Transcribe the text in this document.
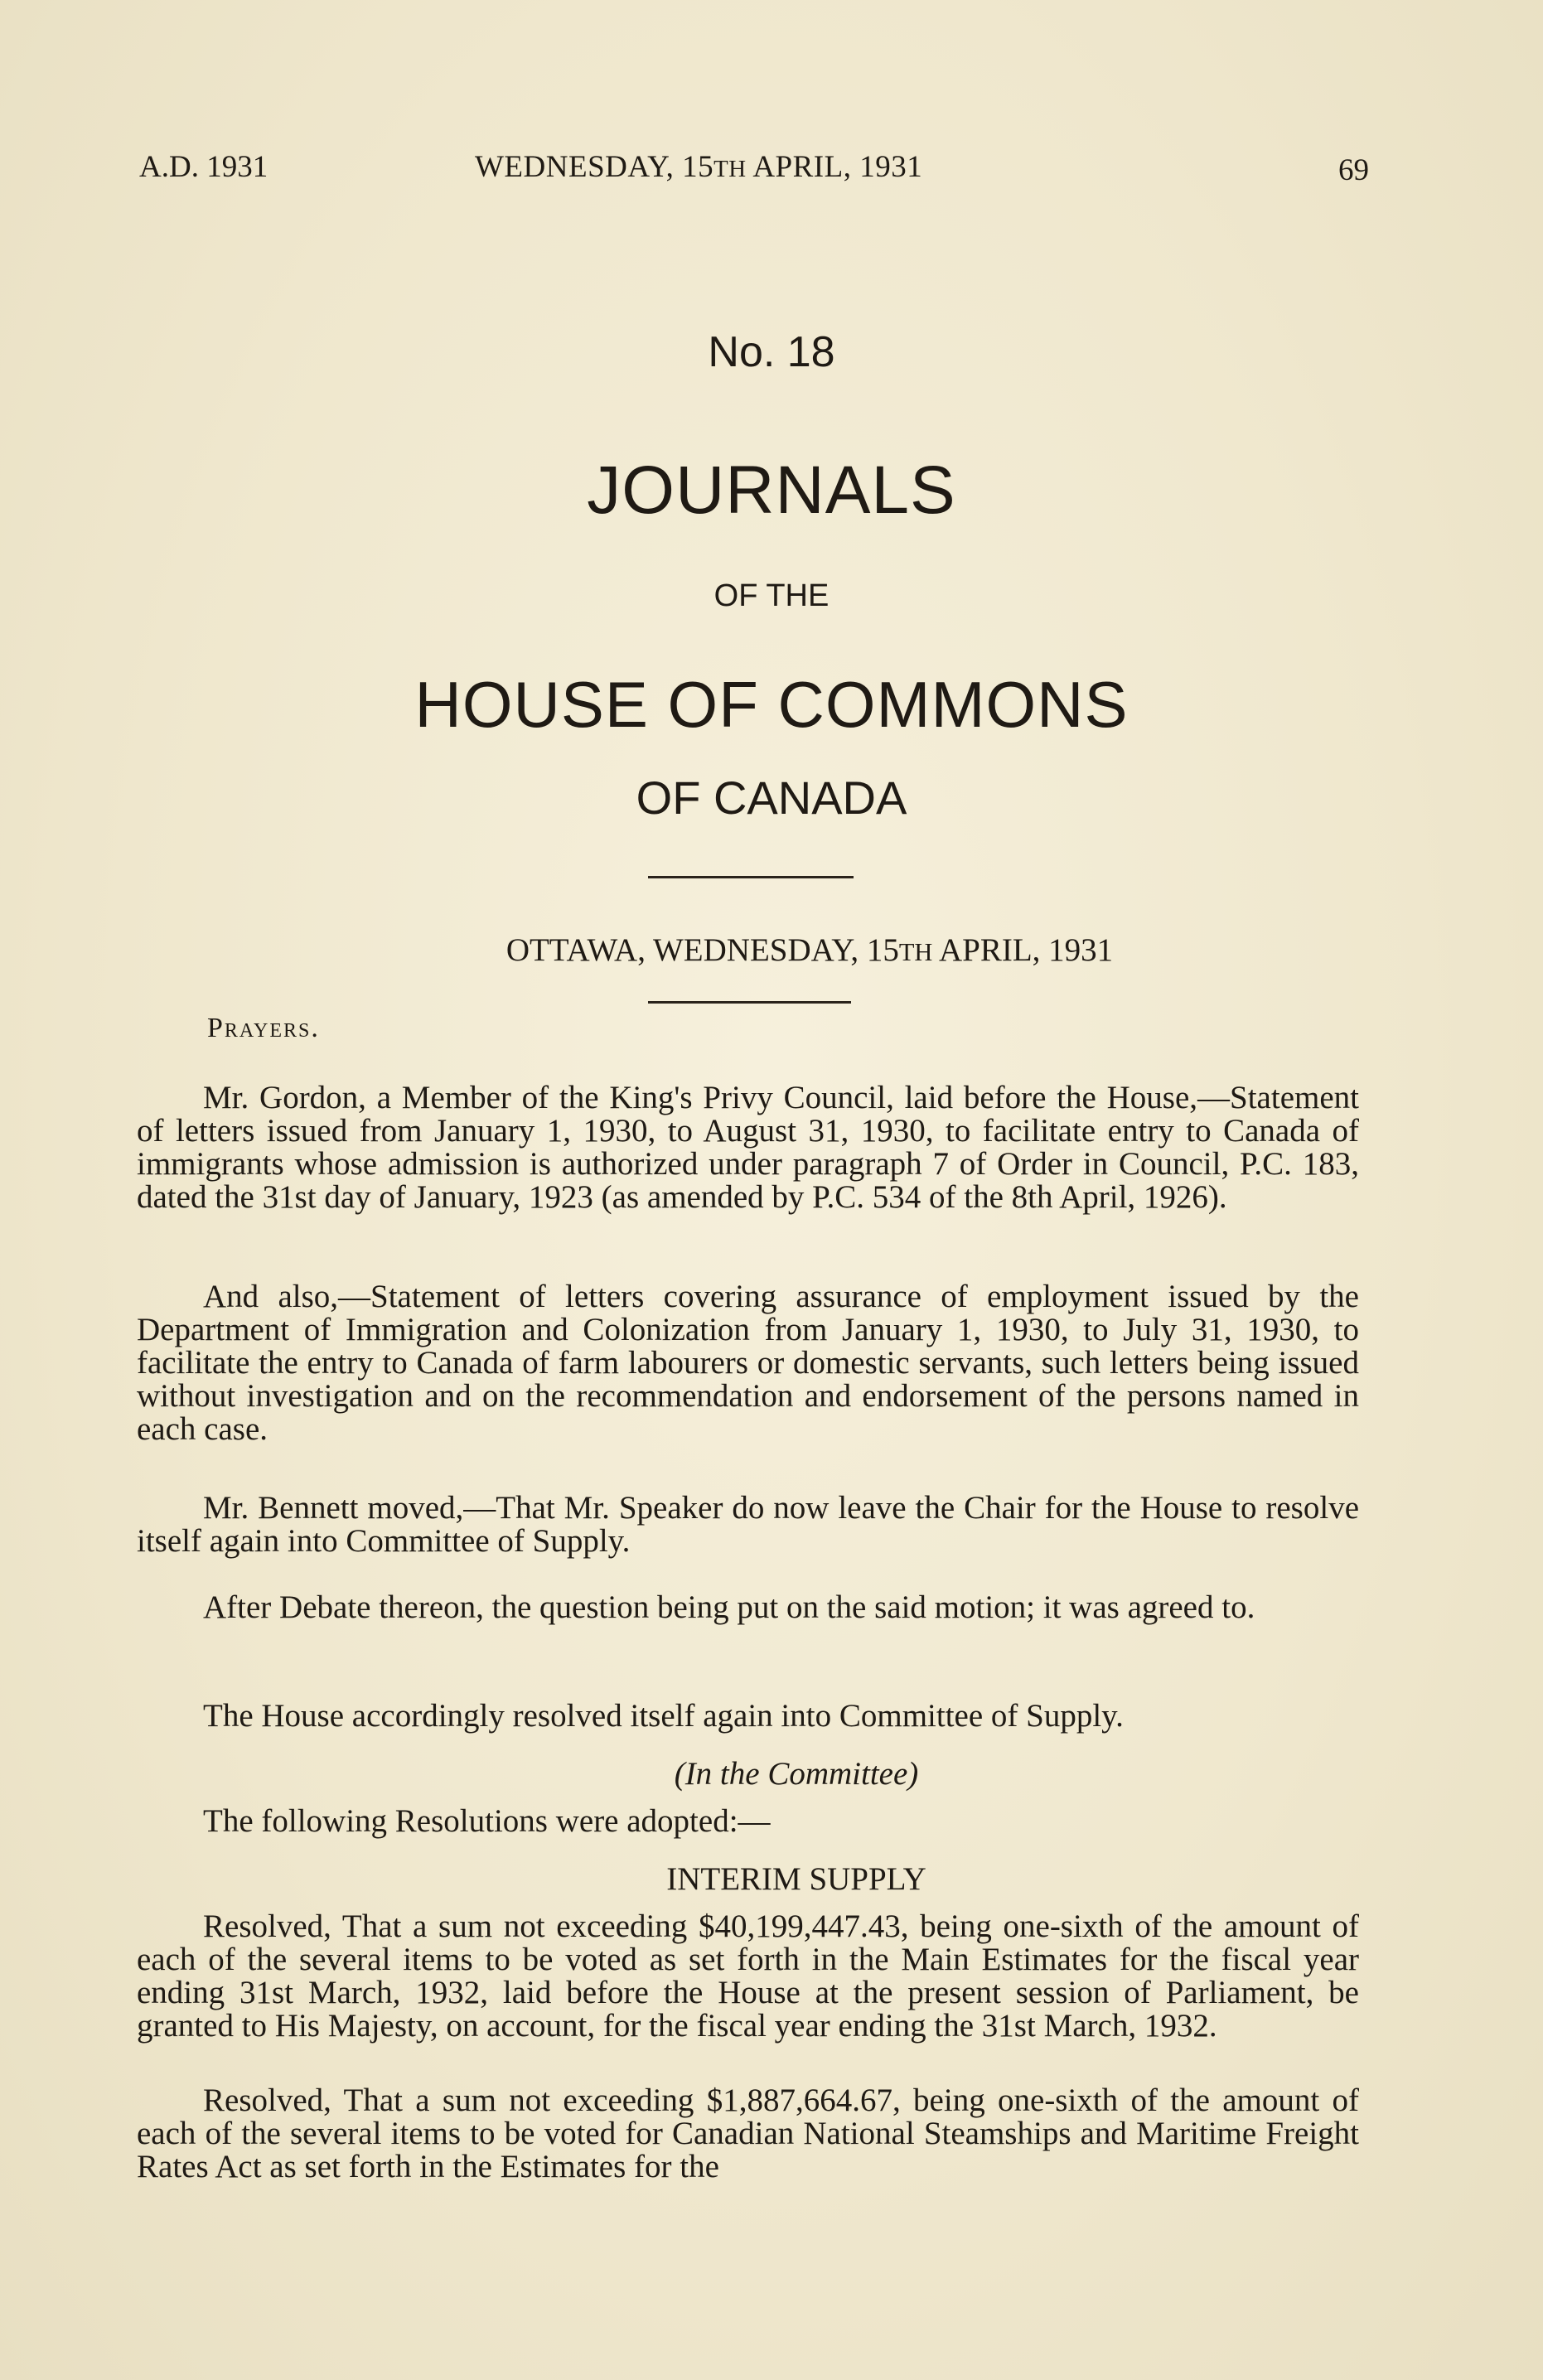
A.D. 1931	WEDNESDAY, 15TH APRIL, 1931	69
No. 18
JOURNALS
OF THE
HOUSE OF COMMONS
OF CANADA
OTTAWA, WEDNESDAY, 15TH APRIL, 1931
Prayers.

Mr. Gordon, a Member of the King's Privy Council, laid before the House,—Statement of letters issued from January 1, 1930, to August 31, 1930, to facilitate entry to Canada of immigrants whose admission is authorized under paragraph 7 of Order in Council, P.C. 183, dated the 31st day of January, 1923 (as amended by P.C. 534 of the 8th April, 1926).

And also,—Statement of letters covering assurance of employment issued by the Department of Immigration and Colonization from January 1, 1930, to July 31, 1930, to facilitate the entry to Canada of farm labourers or domestic servants, such letters being issued without investigation and on the recommendation and endorsement of the persons named in each case.

Mr. Bennett moved,—That Mr. Speaker do now leave the Chair for the House to resolve itself again into Committee of Supply.

After Debate thereon, the question being put on the said motion; it was agreed to.

The House accordingly resolved itself again into Committee of Supply.
(In the Committee)
The following Resolutions were adopted:—
INTERIM SUPPLY

Resolved, That a sum not exceeding $40,199,447.43, being one-sixth of the amount of each of the several items to be voted as set forth in the Main Estimates for the fiscal year ending 31st March, 1932, laid before the House at the present session of Parliament, be granted to His Majesty, on account, for the fiscal year ending the 31st March, 1932.

Resolved, That a sum not exceeding $1,887,664.67, being one-sixth of the amount of each of the several items to be voted for Canadian National Steamships and Maritime Freight Rates Act as set forth in the Estimates for the
